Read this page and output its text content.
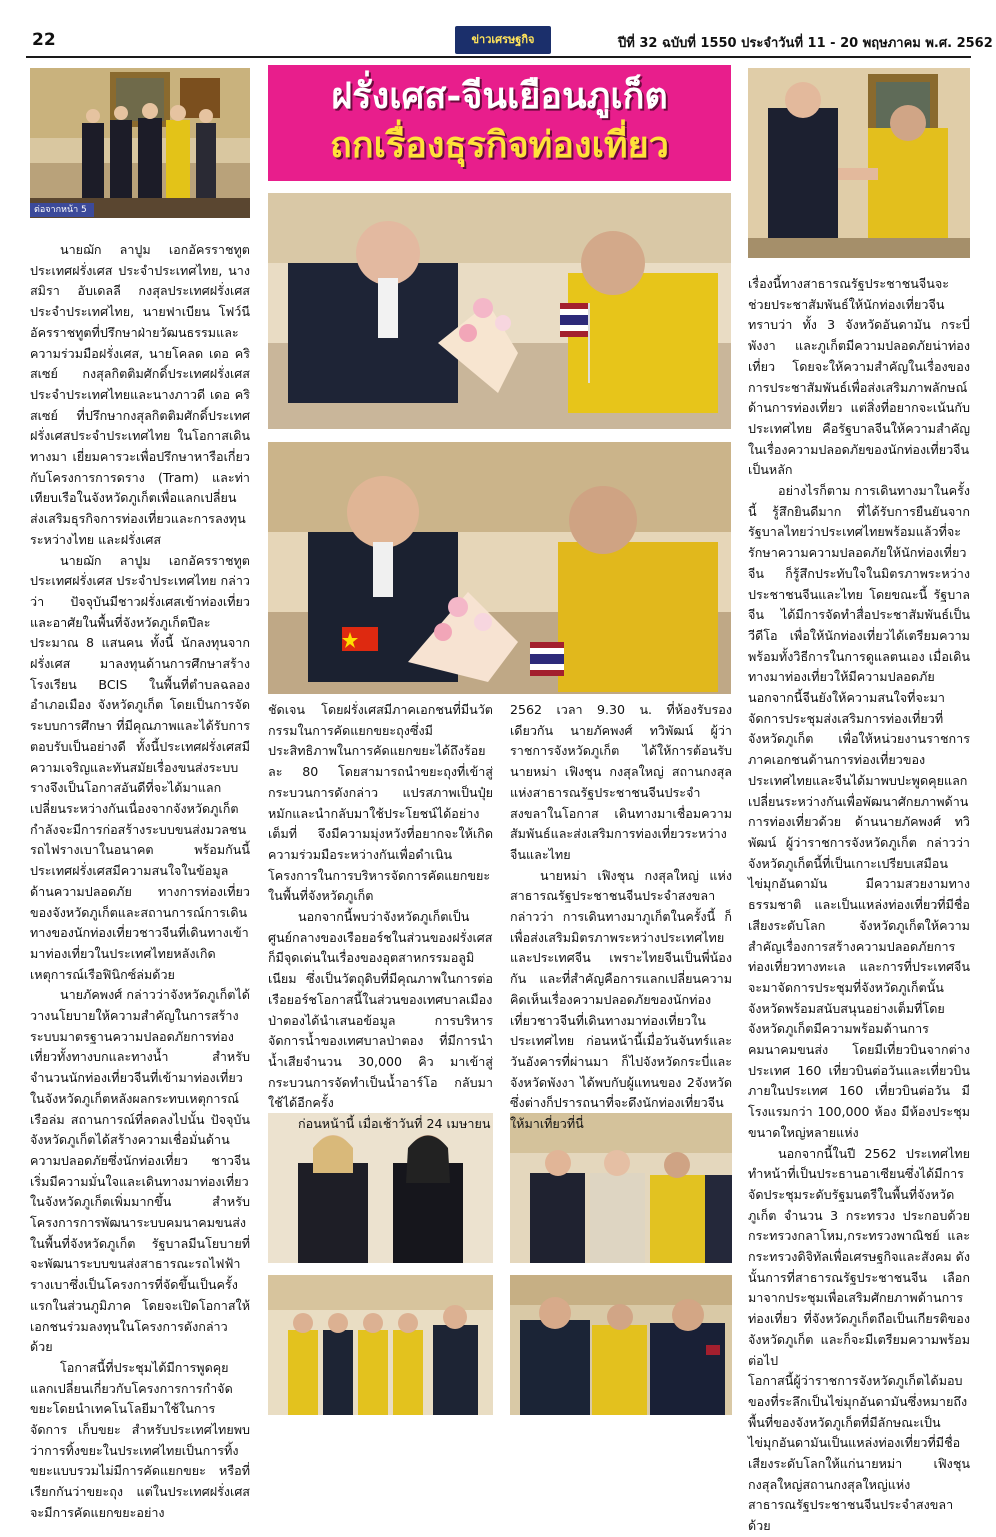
22	ข่าวเศรษฐกิจ	ปีที่ 32 ฉบับที่ 1550 ประจำวันที่ 11 - 20 พฤษภาคม พ.ศ. 2562
ฝรั่งเศส-จีนเยือนภูเก็ต
ถกเรื่องธุรกิจท่องเที่ยว
ต่อจากหน้า 5

นายฌัก ลาปูม เอกอัครราชทูตประเทศฝรั่งเศส ประจำประเทศไทย, นางสมิรา อับเดลลี กงสุลประเทศฝรั่งเศสประจำประเทศไทย, นายฟาเบียน โฟว์นีอัครราชทูตที่ปรึกษาฝ่ายวัฒนธรรมและความร่วมมือฝรั่งเศส, นายโคลด เดอ คริสเซย์ กงสุลกิตติมศักดิ์ประเทศฝรั่งเศสประจำประเทศไทยและนางภาวดี เดอ คริสเซย์ ที่ปรึกษากงสุลกิตติมศักดิ์ประเทศฝรั่งเศสประจำประเทศไทย ในโอกาสเดินทางมา เยี่ยมคารวะเพื่อปรึกษาหารือเกี่ยวกับโครงการการดราง (Tram) และท่าเทียบเรือในจังหวัดภูเก็ตเพื่อแลกเปลี่ยนส่งเสริมธุรกิจการท่องเที่ยวและการลงทุนระหว่างไทย และฝรั่งเศส

นายฌัก ลาปูม เอกอัครราชทูตประเทศฝรั่งเศส ประจำประเทศไทย กล่าวว่า ปัจจุบันมีชาวฝรั่งเศสเข้าท่องเที่ยวและอาศัยในพื้นที่จังหวัดภูเก็ตปีละประมาณ 8 แสนคน ทั้งนี้ นักลงทุนจากฝรั่งเศส มาลงทุนด้านการศึกษาสร้างโรงเรียน BCIS ในพื้นที่ตำบลฉลอง อำเภอเมือง จังหวัดภูเก็ต โดยเป็นการจัดระบบการศึกษา ที่มีคุณภาพและได้รับการตอบรับเป็นอย่างดี ทั้งนี้ประเทศฝรั่งเศสมีความเจริญและทันสมัยเรื่องขนส่งระบบรางจึงเป็นโอกาสอันดีที่จะได้มาแลกเปลี่ยนระหว่างกันเนื่องจากจังหวัดภูเก็ตกำลังจะมีการก่อสร้างระบบขนส่งมวลชนรถไฟรางเบาในอนาคต พร้อมกันนี้ประเทศฝรั่งเศสมีความสนใจในข้อมูลด้านความปลอดภัย ทางการท่องเที่ยวของจังหวัดภูเก็ตและสถานการณ์การเดินทางของนักท่องเที่ยวชาวจีนที่เดินทางเข้ามาท่องเที่ยวในประเทศไทยหลังเกิดเหตุการณ์เรือฟินิกซ์ล่มด้วย

นายภัคพงศ์ กล่าวว่าจังหวัดภูเก็ตได้วางนโยบายให้ความสำคัญในการสร้างระบบมาตรฐานความปลอดภัยการท่องเที่ยวทั้งทางบกและทางน้ำ สำหรับ จำนวนนักท่องเที่ยวจีนที่เข้ามาท่องเที่ยวในจังหวัดภูเก็ตหลังผลกระทบเหตุการณ์เรือล่ม สถานการณ์ที่ลดลงไปนั้น ปัจจุบันจังหวัดภูเก็ตได้สร้างความเชื่อมั่นด้านความปลอดภัยซึ่งนักท่องเที่ยว ชาวจีนเริ่มมีความมั่นใจและเดินทางมาท่องเที่ยวในจังหวัดภูเก็ตเพิ่มมากขึ้น สำหรับโครงการการพัฒนาระบบคมนาคมขนส่งในพื้นที่จังหวัดภูเก็ต รัฐบาลมีนโยบายที่จะพัฒนาระบบขนส่งสาธารณะรถไฟฟ้ารางเบาซึ่งเป็นโครงการที่จัดขึ้นเป็นครั้งแรกในส่วนภูมิภาค โดยจะเปิดโอกาสให้เอกชนร่วมลงทุนในโครงการดังกล่าว ด้วย

โอกาสนี้ที่ประชุมได้มีการพูดคุยแลกเปลี่ยนเกี่ยวกับโครงการการกำจัดขยะโดยนำเทคโนโลยีมาใช้ในการจัดการ เก็บขยะ สำหรับประเทศไทยพบว่าการทิ้งขยะในประเทศไทยเป็นการทิ้งขยะแบบรวมไม่มีการคัดแยกขยะ หรือที่เรียกกันว่าขยะถุง แต่ในประเทศฝรั่งเศสจะมีการคัดแยกขยะอย่าง

ชัดเจน โดยฝรั่งเศสมีภาคเอกชนที่มีนวัตกรรมในการคัดแยกขยะถุงซึ่งมีประสิทธิภาพในการคัดแยกขยะได้ถึงร้อยละ 80 โดยสามารถนำขยะถุงที่เข้าสู่กระบวนการดังกล่าว แปรสภาพเป็นปุ๋ยหมักและนำกลับมาใช้ประโยชน์ได้อย่างเต็มที่ จึงมีความมุ่งหวังที่อยากจะให้เกิดความร่วมมือระหว่างกันเพื่อดำเนินโครงการในการบริหารจัดการคัดแยกขยะในพื้นที่จังหวัดภูเก็ต

นอกจากนี้พบว่าจังหวัดภูเก็ตเป็นศูนย์กลางของเรือยอร์ชในส่วนของฝรั่งเศสก็มีจุดเด่นในเรื่องของอุตสาหกรรมอลูมิเนียม ซึ่งเป็นวัตถุดิบที่มีคุณภาพในการต่อเรือยอร์ชโอกาสนี้ในส่วนของเทศบาลเมืองป่าตองได้นำเสนอข้อมูล การบริหารจัดการน้ำของเทศบาลป่าตอง ที่มีการนำน้ำเสียจำนวน 30,000 คิว มาเข้าสู่กระบวนการจัดทำเป็นน้ำอาร์โอ กลับมาใช้ได้อีกครั้ง

ก่อนหน้านี้ เมื่อเช้าวันที่ 24 เมษายน

2562 เวลา 9.30 น. ที่ห้องรับรองเดียวกัน นายภัคพงศ์ ทวิพัฒน์ ผู้ว่าราชการจังหวัดภูเก็ต ได้ให้การต้อนรับ นายหม่า เฟิงชุน กงสุลใหญ่ สถานกงสุลแห่งสาธารณรัฐประชาชนจีนประจำสงขลาในโอกาส เดินทางมาเชื่อมความสัมพันธ์และส่งเสริมการท่องเที่ยวระหว่างจีนและไทย

นายหม่า เฟิงชุน กงสุลใหญ่ แห่งสาธารณรัฐประชาชนจีนประจำสงขลา กล่าวว่า การเดินทางมาภูเก็ตในครั้งนี้ ก็เพื่อส่งเสริมมิตรภาพระหว่างประเทศไทย และประเทศจีน เพราะไทยจีนเป็นพี่น้องกัน และที่สำคัญคือการแลกเปลี่ยนความคิดเห็นเรื่องความปลอดภัยของนักท่องเที่ยวชาวจีนที่เดินทางมาท่องเที่ยวในประเทศไทย ก่อนหน้านี้เมื่อวันจันทร์และวันอังคารที่ผ่านมา ก็ไปจังหวัดกระบี่และจังหวัดพังงา ได้พบกับผู้แทนของ 2จังหวัดซึ่งต่างก็ปรารถนาที่จะดึงนักท่องเที่ยวจีนให้มาเที่ยวที่นี่

เรื่องนี้ทางสาธารณรัฐประชาชนจีนจะช่วยประชาสัมพันธ์ให้นักท่องเที่ยวจีนทราบว่า ทั้ง 3 จังหวัดอันดามัน กระบี่ พังงา และภูเก็ตมีความปลอดภัยน่าท่องเที่ยว โดยจะให้ความสำคัญในเรื่องของการประชาสัมพันธ์เพื่อส่งเสริมภาพลักษณ์ด้านการท่องเที่ยว แต่สิ่งที่อยากจะเน้นกับประเทศไทย คือรัฐบาลจีนให้ความสำคัญในเรื่องความปลอดภัยของนักท่องเที่ยวจีนเป็นหลัก

อย่างไรก็ตาม การเดินทางมาในครั้งนี้ รู้สึกยินดีมาก ที่ได้รับการยืนยันจากรัฐบาลไทยว่าประเทศไทยพร้อมแล้วที่จะรักษาความความปลอดภัยให้นักท่องเที่ยวจีน ก็รู้สึกประทับใจในมิตรภาพระหว่างประชาชนจีนและไทย โดยขณะนี้ รัฐบาลจีน ได้มีการจัดทำสื่อประชาสัมพันธ์เป็นวีดีโอ เพื่อให้นักท่องเที่ยวได้เตรียมความพร้อมทั้งวิธีการในการดูแลตนเอง เมื่อเดินทางมาท่องเที่ยวให้มีความปลอดภัย นอกจากนี้จีนยังให้ความสนใจที่จะมาจัดการประชุมส่งเสริมการท่องเที่ยวที่จังหวัดภูเก็ต เพื่อให้หน่วยงานราชการภาคเอกชนด้านการท่องเที่ยวของประเทศไทยและจีนได้มาพบปะพูดคุยแลกเปลี่ยนระหว่างกันเพื่อพัฒนาศักยภาพด้านการท่องเที่ยวด้วย ด้านนายภัคพงศ์ ทวิพัฒน์ ผู้ว่าราชการจังหวัดภูเก็ต กล่าวว่า จังหวัดภูเก็ตนี้ที่เป็นเกาะเปรียบเสมือนไข่มุกอันดามัน มีความสวยงามทางธรรมชาติ และเป็นแหล่งท่องเที่ยวที่มีชื่อเสียงระดับโลก จังหวัดภูเก็ตให้ความสำคัญเรื่องการสร้างความปลอดภัยการท่องเที่ยวทางทะเล และการที่ประเทศจีนจะมาจัดการประชุมที่จังหวัดภูเก็ตนั้น จังหวัดพร้อมสนับสนุนอย่างเต็มที่โดยจังหวัดภูเก็ตมีความพร้อมด้านการคมนาคมขนส่ง โดยมีเที่ยวบินจากต่างประเทศ 160 เที่ยวบินต่อวันและเที่ยวบินภายในประเทศ 160 เที่ยวบินต่อวัน มีโรงแรมกว่า 100,000 ห้อง มีห้องประชุมขนาดใหญ่หลายแห่ง

นอกจากนี้ในปี 2562 ประเทศไทยทำหน้าที่เป็นประธานอาเซียนซึ่งได้มีการจัดประชุมระดับรัฐมนตรีในพื้นที่จังหวัดภูเก็ต จำนวน 3 กระทรวง ประกอบด้วย กระทรวงกลาโหม,กระทรวงพาณิชย์ และกระทรวงดิจิทัลเพื่อเศรษฐกิจและสังคม ดังนั้นการที่สาธารณรัฐประชาชนจีน เลือกมาจากประชุมเพื่อเสริมศักยภาพด้านการท่องเที่ยว ที่จังหวัดภูเก็ตถือเป็นเกียรติของจังหวัดภูเก็ต และก็จะมีเตรียมความพร้อม ต่อไป

โอกาสนี้ผู้ว่าราชการจังหวัดภูเก็ตได้มอบของที่ระลึกเป็นไข่มุกอันดามันซึ่งหมายถึงพื้นที่ของจังหวัดภูเก็ตที่มีลักษณะเป็นไข่มุกอันดามันเป็นแหล่งท่องเที่ยวที่มีชื่อเสียงระดับโลกให้แก่นายหม่า เฟิงชุน กงสุลใหญ่สถานกงสุลใหญ่แห่งสาธารณรัฐประชาชนจีนประจำสงขลาด้วย
